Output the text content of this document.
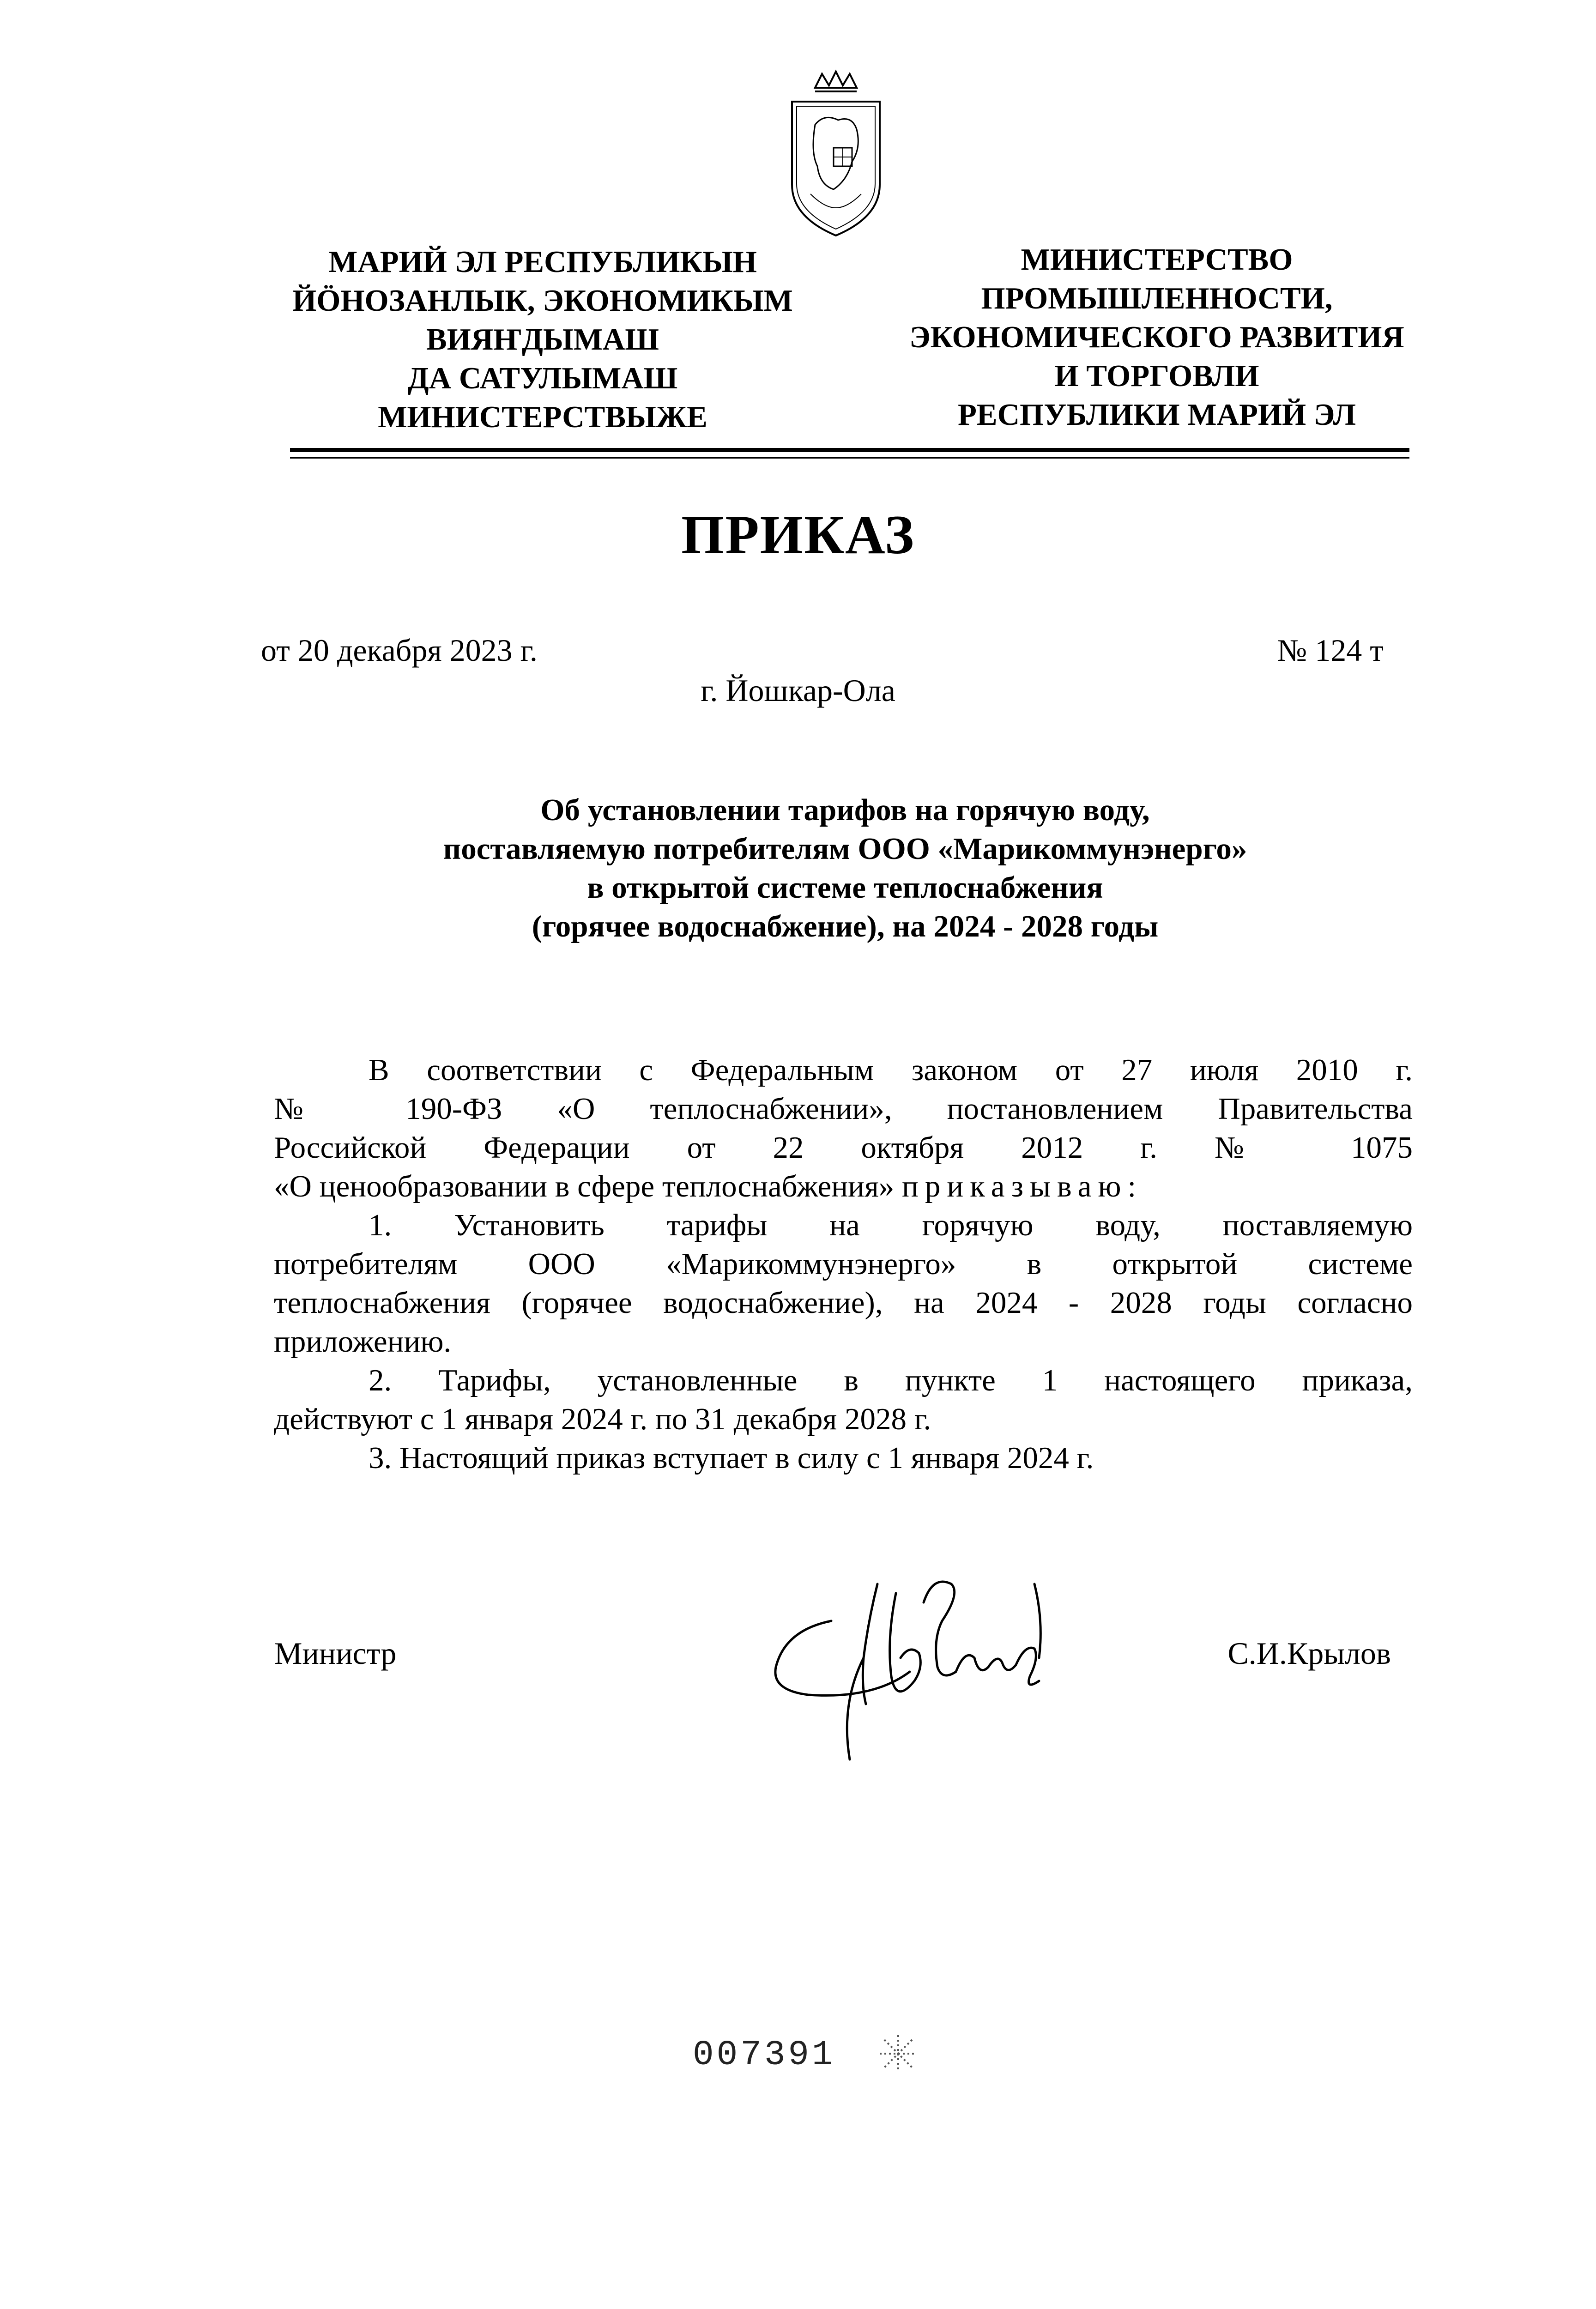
МАРИЙ ЭЛ РЕСПУБЛИКЫН
ЙÖНОЗАНЛЫК, ЭКОНОМИКЫМ
ВИЯҤДЫМАШ
ДА САТУЛЫМАШ
МИНИСТЕРСТВЫЖЕ
МИНИСТЕРСТВО
ПРОМЫШЛЕННОСТИ,
ЭКОНОМИЧЕСКОГО РАЗВИТИЯ
И ТОРГОВЛИ
РЕСПУБЛИКИ МАРИЙ ЭЛ
ПРИКАЗ
от 20 декабря 2023 г.	№ 124 т
г. Йошкар-Ола
Об установлении тарифов на горячую воду,
поставляемую потребителям ООО «Марикоммунэнерго»
в открытой системе теплоснабжения
(горячее водоснабжение), на 2024 - 2028 годы
В соответствии с Федеральным законом от 27 июля 2010 г.
№ 190-ФЗ «О теплоснабжении», постановлением Правительства
Российской Федерации от 22 октября 2012 г. № 1075
«О ценообразовании в сфере теплоснабжения» приказываю:
1. Установить тарифы на горячую воду, поставляемую
потребителям ООО «Марикоммунэнерго» в открытой системе
теплоснабжения (горячее водоснабжение), на 2024 - 2028 годы согласно
приложению.
2. Тарифы, установленные в пункте 1 настоящего приказа,
действуют с 1 января 2024 г. по 31 декабря 2028 г.
3. Настоящий приказ вступает в силу с 1 января 2024 г.
Министр	С.И.Крылов
007391
